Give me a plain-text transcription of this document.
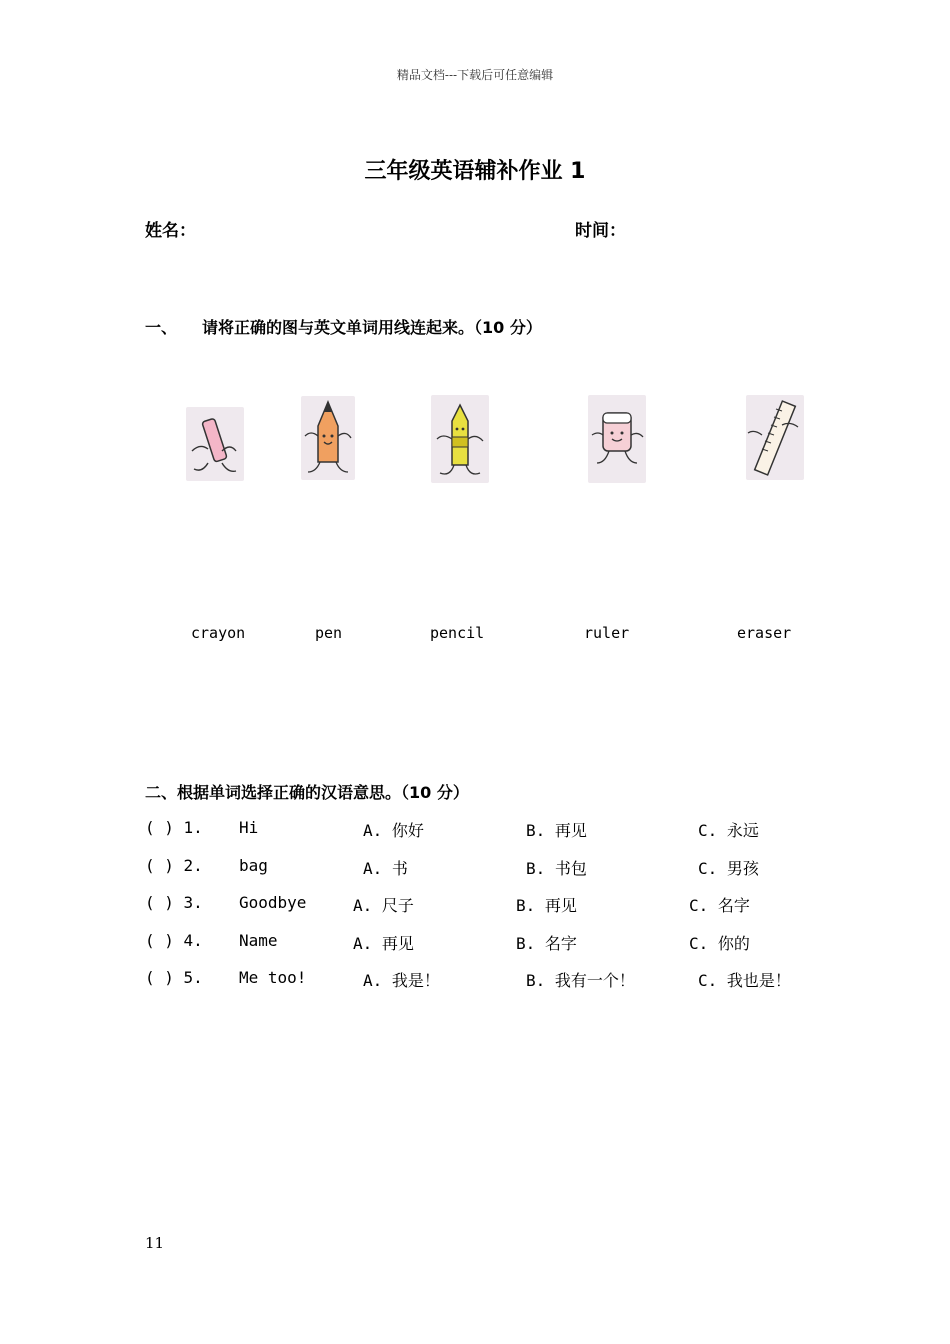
精品文档---下载后可任意编辑
三年级英语辅补作业 1
姓名：	时间：
一、 请将正确的图与英文单词用线连起来。（10 分）
crayon	pen	pencil	ruler	eraser
二、根据单词选择正确的汉语意思。（10 分）
( ) 1. Hi	A. 你好	B. 再见	C. 永远
( ) 2. bag	A. 书	B. 书包	C. 男孩
( ) 3. Goodbye	A. 尺子	B. 再见	C. 名字
( ) 4. Name	A. 再见	B. 名字	C. 你的
( ) 5. Me too!	A. 我是！	B. 我有一个！	C. 我也是！
11
